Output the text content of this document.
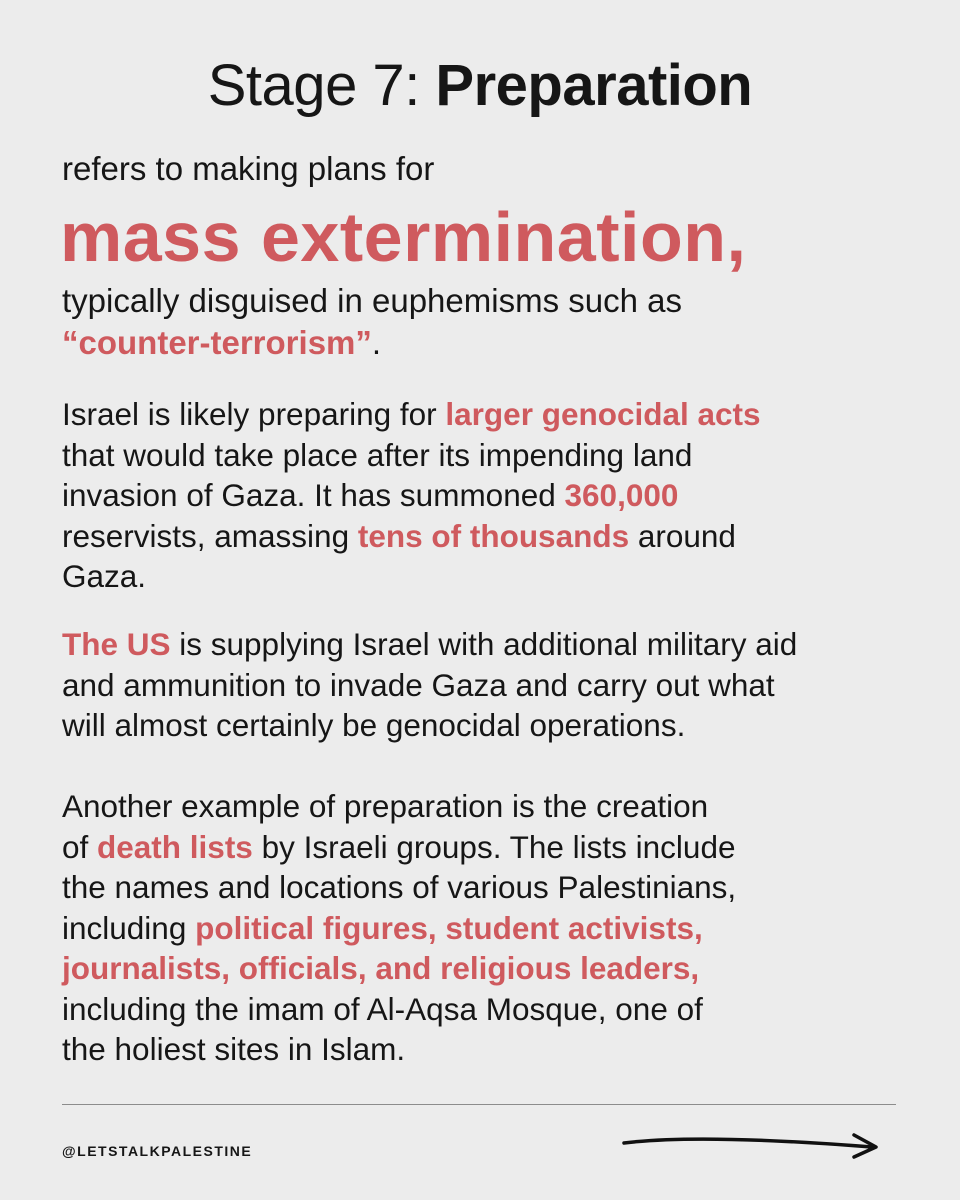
Stage 7: Preparation
refers to making plans for
mass extermination,
typically disguised in euphemisms such as
“counter-terrorism”.
Israel is likely preparing for larger genocidal acts
that would take place after its impending land
invasion of Gaza. It has summoned 360,000
reservists, amassing tens of thousands around
Gaza.
The US is supplying Israel with additional military aid
and ammunition to invade Gaza and carry out what
will almost certainly be genocidal operations.
Another example of preparation is the creation
of death lists by Israeli groups. The lists include
the names and locations of various Palestinians,
including political figures, student activists,
journalists, officials, and religious leaders,
including the imam of Al-Aqsa Mosque, one of
the holiest sites in Islam.
@LETSTALKPALESTINE
